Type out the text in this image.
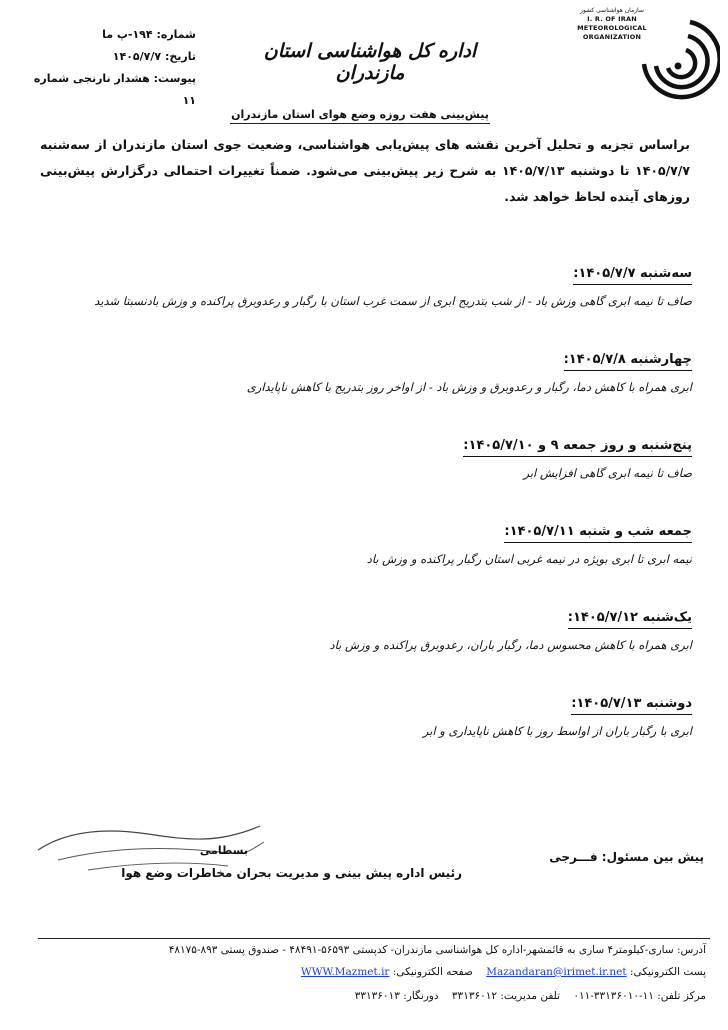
سازمان هواشناسی کشور
I. R. OF IRAN
METEOROLOGICAL
ORGANIZATION
اداره کل هواشناسی استان مازندران
شماره: ۱۹۴-پ ما
تاریخ: ۱۴۰۵/۷/۷
پیوست: هشدار نارنجی شماره ۱۱
پیش‌بینی هفت روزه وضع هوای استان مازندران
براساس تجزیه و تحلیل آخرین نقشه های پیش‌یابی هواشناسی، وضعیت جوی استان مازندران از سه‌شنبه ۱۴۰۵/۷/۷ تا دوشنبه ۱۴۰۵/۷/۱۳ به شرح زیر پیش‌بینی می‌شود. ضمناً تغییرات احتمالی درگزارش پیش‌بینی روزهای آینده لحاظ خواهد شد.
سه‌شنبه ۱۴۰۵/۷/۷:
صاف تا نیمه ابری گاهی وزش باد - از شب بتدریج ابری از سمت غرب استان با رگبار و رعدوبرق پراکنده و وزش بادنسبتا شدید
چهارشنبه ۱۴۰۵/۷/۸:
ابری همراه با کاهش دما، رگبار و رعدوبرق و وزش باد - از اواخر روز بتدریج با کاهش ناپایداری
پنج‌شنبه و روز جمعه ۹ و ۱۴۰۵/۷/۱۰:
صاف تا نیمه ابری گاهی افزایش ابر
جمعه شب و شنبه ۱۴۰۵/۷/۱۱:
نیمه ابری تا ابری بویژه در نیمه غربی استان رگبار پراکنده و وزش باد
یک‌شنبه ۱۴۰۵/۷/۱۲:
ابری همراه با کاهش محسوس دما، رگبار باران، رعدوبرق پراکنده و وزش باد
دوشنبه ۱۴۰۵/۷/۱۳:
ابری با رگبار باران از اواسط روز با کاهش ناپایداری و ابر
بسطامی
رئیس اداره پیش بینی و مدیریت بحران مخاطرات وضع هوا
پیش بین مسئول: فـــرجی
آدرس: ساری-کیلومتر۴ ساری به قائمشهر-اداره کل هواشناسی مازندران- کدپستی ۵۶۵۹۳-۴۸۴۹۱ - صندوق پستی ۸۹۳-۴۸۱۷۵
پست الکترونیکی: Mazandaran@irimet.ir.net    صفحه الکترونیکی: WWW.Mazmet.ir
مرکز تلفن: ۱۱-۳۳۱۳۶۰۱۰-۰۱۱    تلفن مدیریت: ۳۳۱۳۶۰۱۲    دورنگار: ۳۳۱۳۶۰۱۳
